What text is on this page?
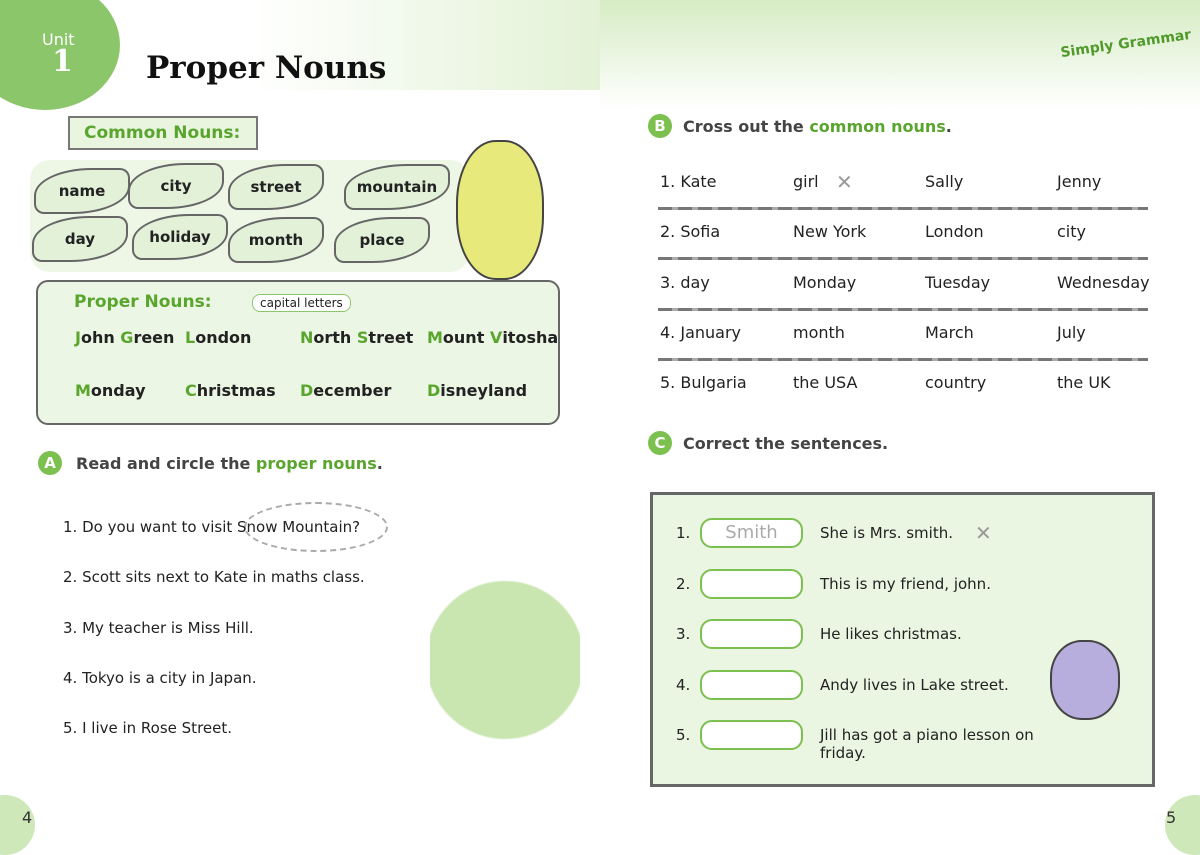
Simply Grammar
Unit
1 Proper Nouns
Common Nouns:
name	city	street	mountain
day	holiday	month	place
Proper Nouns:	capital letters
John Green London	North Street Mount Vitosha
Monday Christmas December Disneyland
A	Read and circle the proper nouns.
1. Do you want to visit Snow Mountain?
2. Scott sits next to Kate in maths class.
3. My teacher is Miss Hill.
4. Tokyo is a city in Japan.
5. I live in Rose Street.
B	Cross out the common nouns.
1. Kate	girl	Sally	Jenny
2. Sofia	New York	London	city
3. day	Monday	Tuesday	Wednesday
4. January	month	March	July
5. Bulgaria	the USA	country	the UK
✕
C	Correct the sentences.
1.	Smith	She is Mrs. smith.
2.	This is my friend, john.
3.	He likes christmas.
4.	Andy lives in Lake street.
5.	Jill has got a piano lesson on friday.
✕
4	5
